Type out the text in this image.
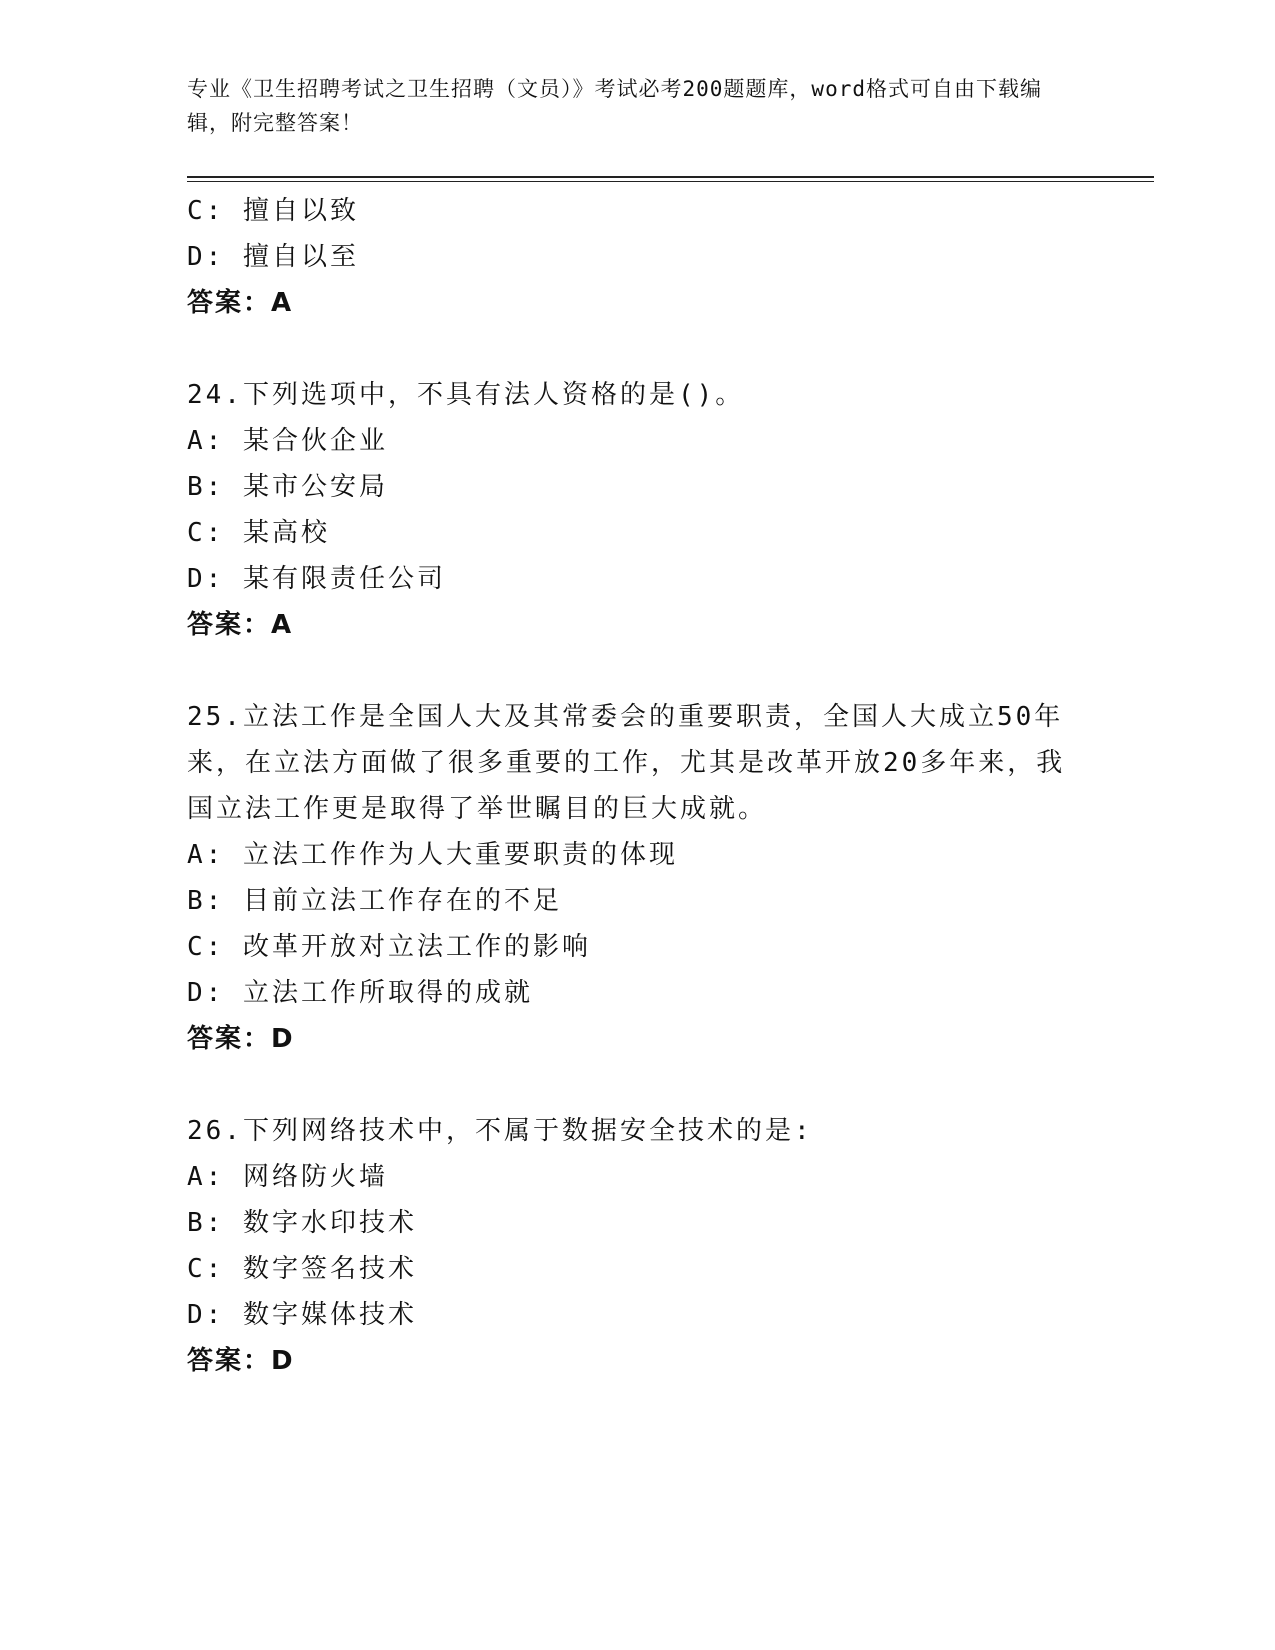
专业《卫生招聘考试之卫生招聘（文员）》考试必考200题题库，word格式可自由下载编辑，附完整答案！
C: 擅自以致
D: 擅自以至
答案：A
24.下列选项中，不具有法人资格的是()。
A: 某合伙企业
B: 某市公安局
C: 某高校
D: 某有限责任公司
答案：A
25.立法工作是全国人大及其常委会的重要职责，全国人大成立50年
来，在立法方面做了很多重要的工作，尤其是改革开放20多年来，我
国立法工作更是取得了举世瞩目的巨大成就。
A: 立法工作作为人大重要职责的体现
B: 目前立法工作存在的不足
C: 改革开放对立法工作的影响
D: 立法工作所取得的成就
答案：D
26.下列网络技术中，不属于数据安全技术的是:
A: 网络防火墙
B: 数字水印技术
C: 数字签名技术
D: 数字媒体技术
答案：D
